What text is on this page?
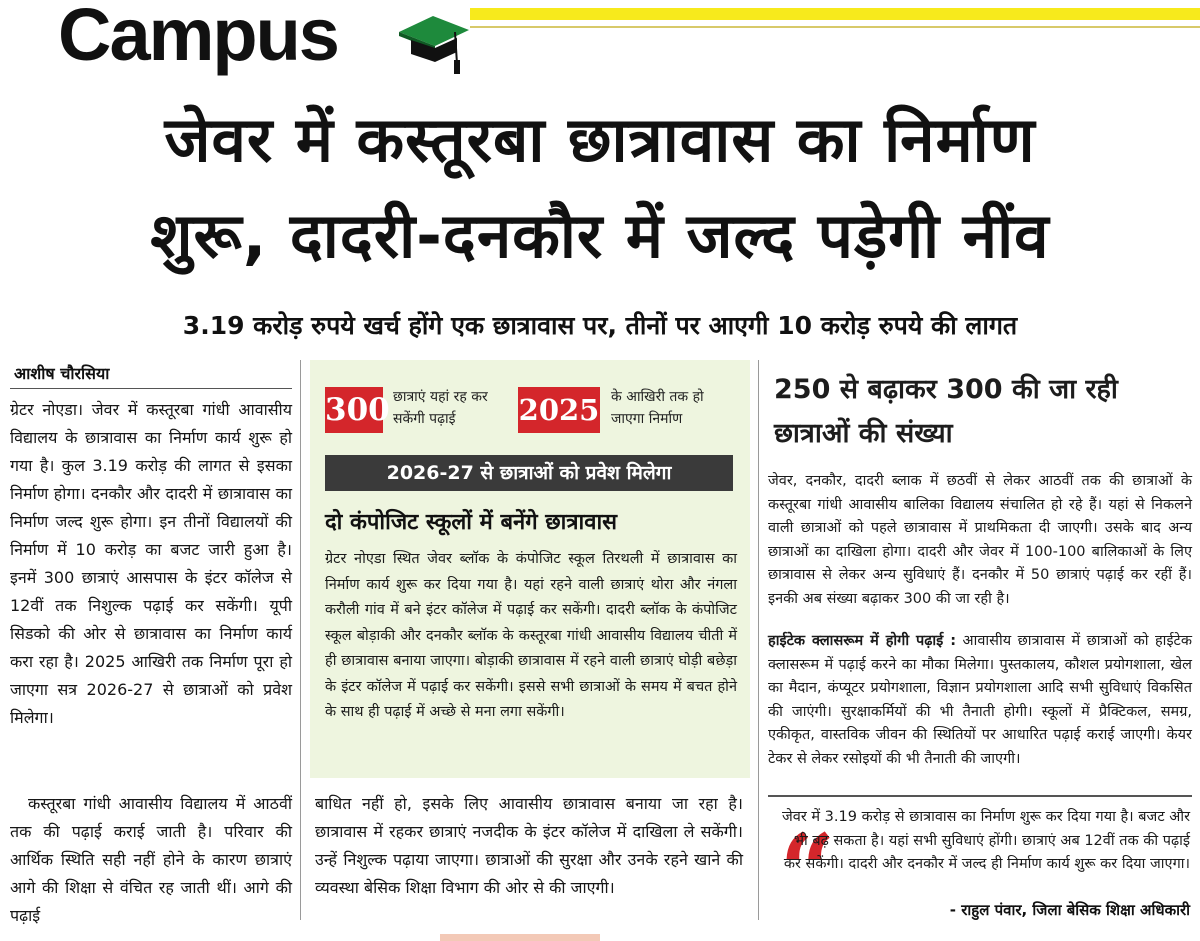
Campus
जेवर में कस्तूरबा छात्रावास का निर्माण
शुरू, दादरी-दनकौर में जल्द पड़ेगी नींव
3.19 करोड़ रुपये खर्च होंगे एक छात्रावास पर, तीनों पर आएगी 10 करोड़ रुपये की लागत
आशीष चौरसिया
ग्रेटर नोएडा। जेवर में कस्तूरबा गांधी आवासीय विद्यालय के छात्रावास का निर्माण कार्य शुरू हो गया है। कुल 3.19 करोड़ की लागत से इसका निर्माण होगा। दनकौर और दादरी में छात्रावास का निर्माण जल्द शुरू होगा। इन तीनों विद्यालयों की निर्माण में 10 करोड़ का बजट जारी हुआ है। इनमें 300 छात्राएं आसपास के इंटर कॉलेज से 12वीं तक निशुल्क पढ़ाई कर सकेंगी। यूपी सिडको की ओर से छात्रावास का निर्माण कार्य करा रहा है। 2025 आखिरी तक निर्माण पूरा हो जाएगा सत्र 2026-27 से छात्राओं को प्रवेश मिलेगा।
कस्तूरबा गांधी आवासीय विद्यालय में आठवीं तक की पढ़ाई कराई जाती है। परिवार की आर्थिक स्थिति सही नहीं होने के कारण छात्राएं आगे की शिक्षा से वंचित रह जाती थीं। आगे की पढ़ाई
300 छात्राएं यहां रह कर सकेंगी पढ़ाई	2025 के आखिरी तक हो जाएगा निर्माण
2026-27 से छात्राओं को प्रवेश मिलेगा
दो कंपोजिट स्कूलों में बनेंगे छात्रावास
ग्रेटर नोएडा स्थित जेवर ब्लॉक के कंपोजिट स्कूल तिरथली में छात्रावास का निर्माण कार्य शुरू कर दिया गया है। यहां रहने वाली छात्राएं थोरा और नंगला करौली गांव में बने इंटर कॉलेज में पढ़ाई कर सकेंगी। दादरी ब्लॉक के कंपोजिट स्कूल बोड़ाकी और दनकौर ब्लॉक के कस्तूरबा गांधी आवासीय विद्यालय चीती में ही छात्रावास बनाया जाएगा। बोड़ाकी छात्रावास में रहने वाली छात्राएं घोड़ी बछेड़ा के इंटर कॉलेज में पढ़ाई कर सकेंगी। इससे सभी छात्राओं के समय में बचत होने के साथ ही पढ़ाई में अच्छे से मना लगा सकेंगी।
बाधित नहीं हो, इसके लिए आवासीय छात्रावास बनाया जा रहा है। छात्रावास में रहकर छात्राएं नजदीक के इंटर कॉलेज में दाखिला ले सकेंगी। उन्हें निशुल्क पढ़ाया जाएगा। छात्राओं की सुरक्षा और उनके रहने खाने की व्यवस्था बेसिक शिक्षा विभाग की ओर से की जाएगी।
250 से बढ़ाकर 300 की जा रही छात्राओं की संख्या
जेवर, दनकौर, दादरी ब्लाक में छठवीं से लेकर आठवीं तक की छात्राओं के कस्तूरबा गांधी आवासीय बालिका विद्यालय संचालित हो रहे हैं। यहां से निकलने वाली छात्राओं को पहले छात्रावास में प्राथमिकता दी जाएगी। उसके बाद अन्य छात्राओं का दाखिला होगा। दादरी और जेवर में 100-100 बालिकाओं के लिए छात्रावास से लेकर अन्य सुविधाएं हैं। दनकौर में 50 छात्राएं पढ़ाई कर रहीं हैं। इनकी अब संख्या बढ़ाकर 300 की जा रही है।
हाईटेक क्लासरूम में होगी पढ़ाई : आवासीय छात्रावास में छात्राओं को हाईटेक क्लासरूम में पढ़ाई करने का मौका मिलेगा। पुस्तकालय, कौशल प्रयोगशाला, खेल का मैदान, कंप्यूटर प्रयोगशाला, विज्ञान प्रयोगशाला आदि सभी सुविधाएं विकसित की जाएंगी। सुरक्षाकर्मियों की भी तैनाती होगी। स्कूलों में प्रैक्टिकल, समग्र, एकीकृत, वास्तविक जीवन की स्थितियों पर आधारित पढ़ाई कराई जाएगी। केयर टेकर से लेकर रसोइयों की भी तैनाती की जाएगी।
“
जेवर में 3.19 करोड़ से छात्रावास का निर्माण शुरू कर दिया गया है। बजट और भी बढ़ सकता है। यहां सभी सुविधाएं होंगी। छात्राएं अब 12वीं तक की पढ़ाई कर सकेंगी। दादरी और दनकौर में जल्द ही निर्माण कार्य शुरू कर दिया जाएगा।
- राहुल पंवार, जिला बेसिक शिक्षा अधिकारी
